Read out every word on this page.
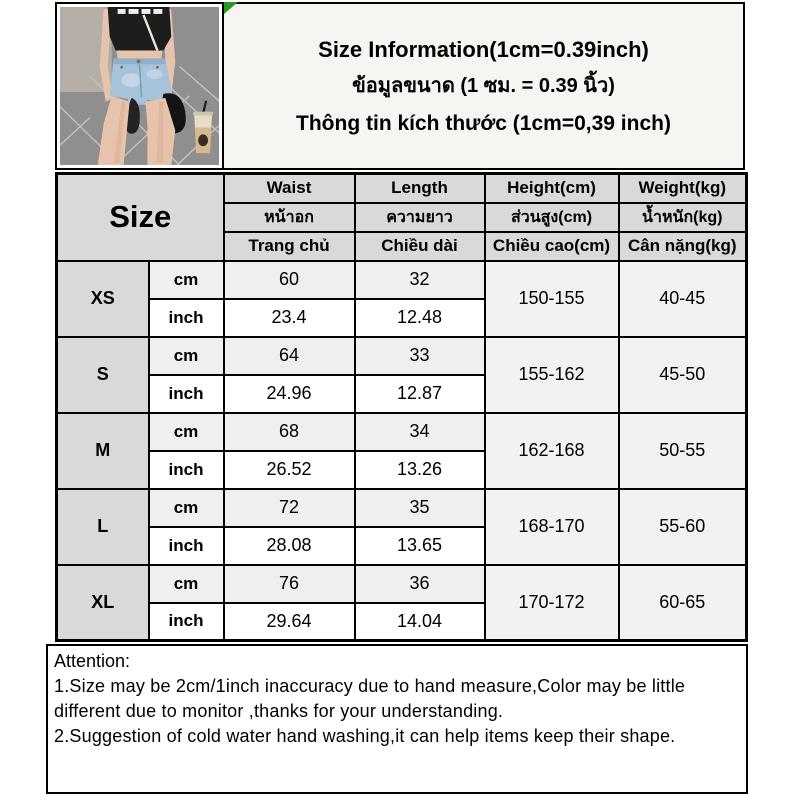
Size Information(1cm=0.39inch)
ข้อมูลขนาด (1 ซม. = 0.39 นิ้ว)
Thông tin kích thước (1cm=0,39 inch)
Size		Waist	Length	Height(cm)	Weight(kg)
		หน้าอก	ความยาว	ส่วนสูง(cm)	น้ำหนัก(kg)
		Trang chủ	Chiều dài	Chiều cao(cm)	Cân nặng(kg)
XS	cm	60	32	150-155	40-45
	inch	23.4	12.48		
S	cm	64	33	155-162	45-50
	inch	24.96	12.87		
M	cm	68	34	162-168	50-55
	inch	26.52	13.26		
L	cm	72	35	168-170	55-60
	inch	28.08	13.65		
XL	cm	76	36	170-172	60-65
	inch	29.64	14.04		
Attention:
1.Size may be 2cm/1inch inaccuracy due to hand measure,Color may be little different due to monitor ,thanks for your understanding.
2.Suggestion of cold water hand washing,it can help items keep their shape.
